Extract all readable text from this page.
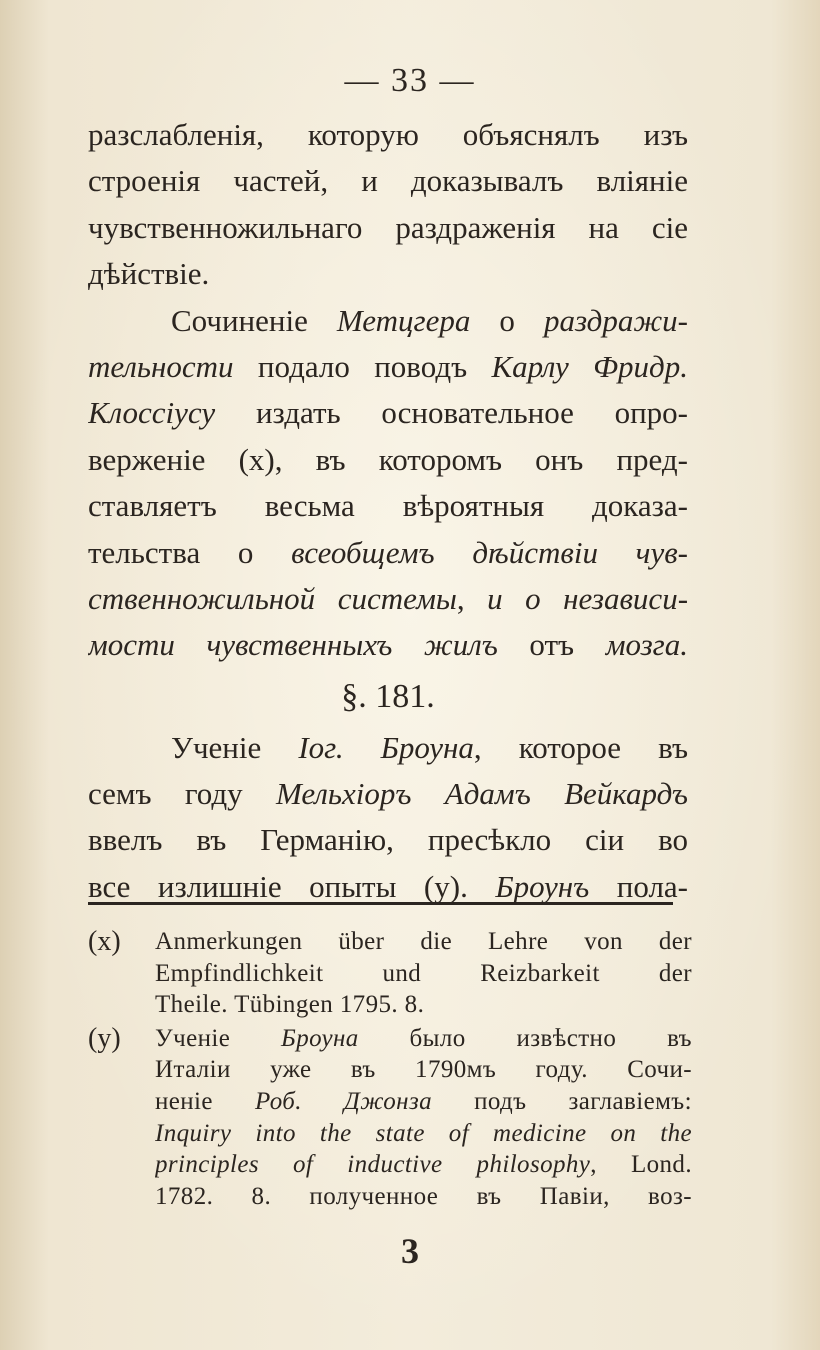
— 33 —
разслабленія, которую объяснялъ изъ
строенія частей, и доказывалъ вліяніе
чувственножильнаго раздраженія на сіе
дѣйствіе.
Сочиненіе Метцгера о раздражи-
тельности подало поводъ Карлу Фридр.
Клоссіусу издать основательное опро-
верженіе (x), въ которомъ онъ пред-
ставляетъ весьма вѣроятныя доказа-
тельства о всеобщемъ дѣйствіи чув-
ственножильной системы, и о независи-
мости чувственныхъ жилъ отъ мозга.
§. 181.
Ученіе Іог. Броуна, которое въ
семъ году Мельхіоръ Адамъ Вейкардъ
ввелъ въ Германію, пресѣкло сіи во
все излишніе опыты (y). Броунъ пола-
(x) Anmerkungen über die Lehre von der
Empfindlichkeit und Reizbarkeit der
Theile. Tübingen 1795. 8.
(y) Ученіе Броуна было извѣстно въ
Италіи уже въ 1790мъ году. Сочи-
неніе Роб. Джонза подъ заглавіемъ:
Inquiry into the state of medicine on the
principles of inductive philosophy, Lond.
1782. 8. полученное въ Павіи, воз-
3
